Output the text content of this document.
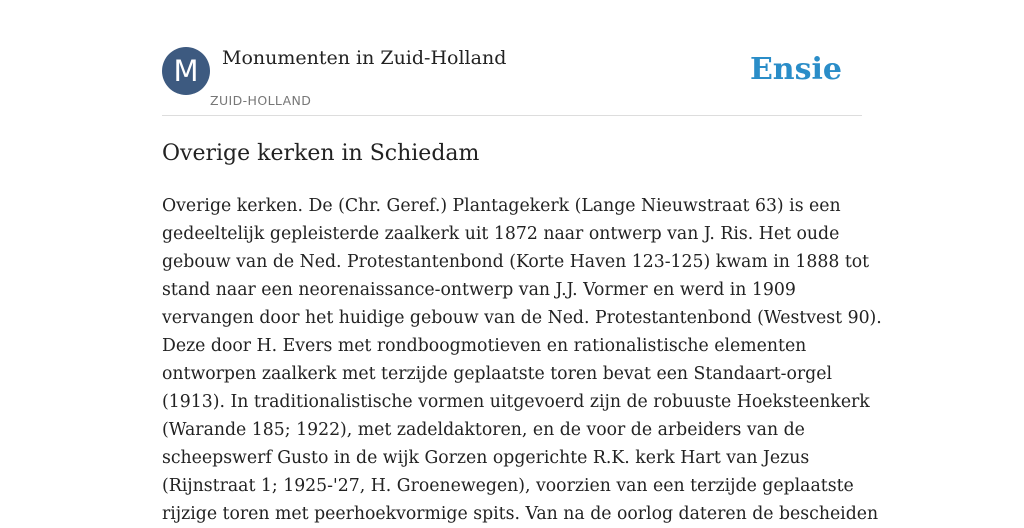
M	Monumenten in Zuid-Holland
ZUID-HOLLAND
Ensie
Overige kerken in Schiedam
Overige kerken. De (Chr. Geref.) Plantagekerk (Lange Nieuwstraat 63) is een
gedeeltelijk gepleisterde zaalkerk uit 1872 naar ontwerp van J. Ris. Het oude
gebouw van de Ned. Protestantenbond (Korte Haven 123-125) kwam in 1888 tot
stand naar een neorenaissance-ontwerp van J.J. Vormer en werd in 1909
vervangen door het huidige gebouw van de Ned. Protestantenbond (Westvest 90).
Deze door H. Evers met rondboogmotieven en rationalistische elementen
ontworpen zaalkerk met terzijde geplaatste toren bevat een Standaart-orgel
(1913). In traditionalistische vormen uitgevoerd zijn de robuuste Hoeksteenkerk
(Warande 185; 1922), met zadeldaktoren, en de voor de arbeiders van de
scheepswerf Gusto in de wijk Gorzen opgerichte R.K. kerk Hart van Jezus
(Rijnstraat 1; 1925-'27, H. Groenewegen), voorzien van een terzijde geplaatste
rijzige toren met peerhoekvormige spits. Van na de oorlog dateren de bescheiden
